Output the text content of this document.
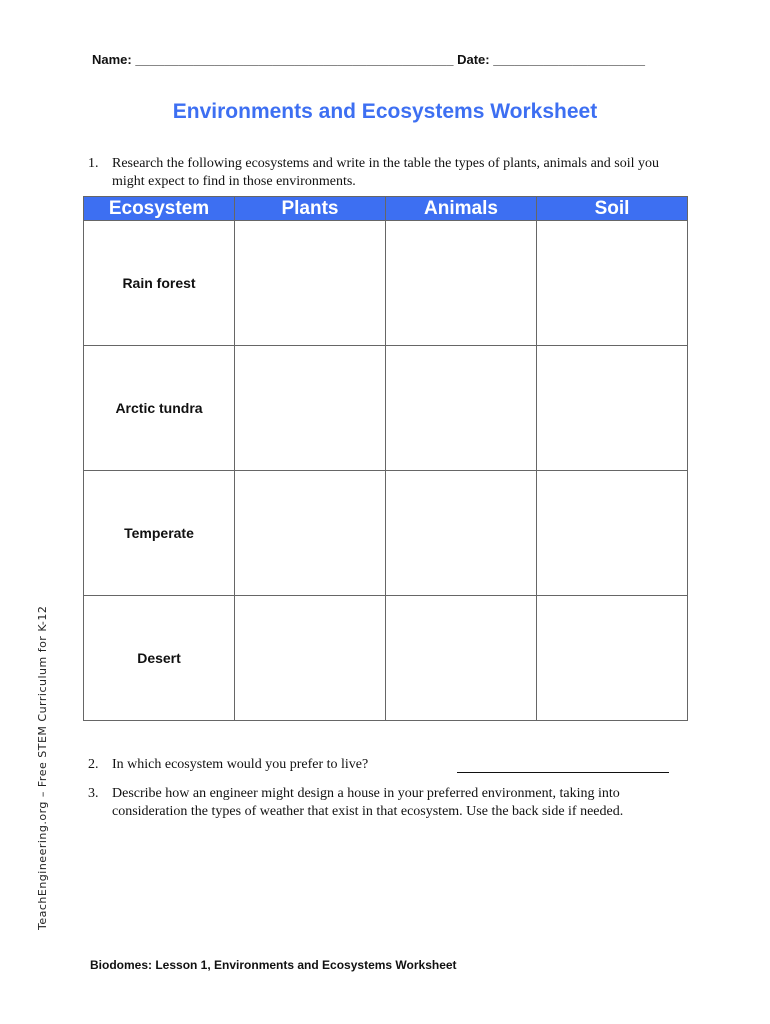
Name: ____________________________________________ Date: _____________________
Environments and Ecosystems Worksheet
1. Research the following ecosystems and write in the table the types of plants, animals and soil you might expect to find in those environments.
Ecosystem	Plants	Animals	Soil
Rain forest			
Arctic tundra			
Temperate			
Desert			
2. In which ecosystem would you prefer to live?
3. Describe how an engineer might design a house in your preferred environment, taking into consideration the types of weather that exist in that ecosystem. Use the back side if needed.
TeachEngineering.org – Free STEM Curriculum for K-12
Biodomes: Lesson 1, Environments and Ecosystems Worksheet
